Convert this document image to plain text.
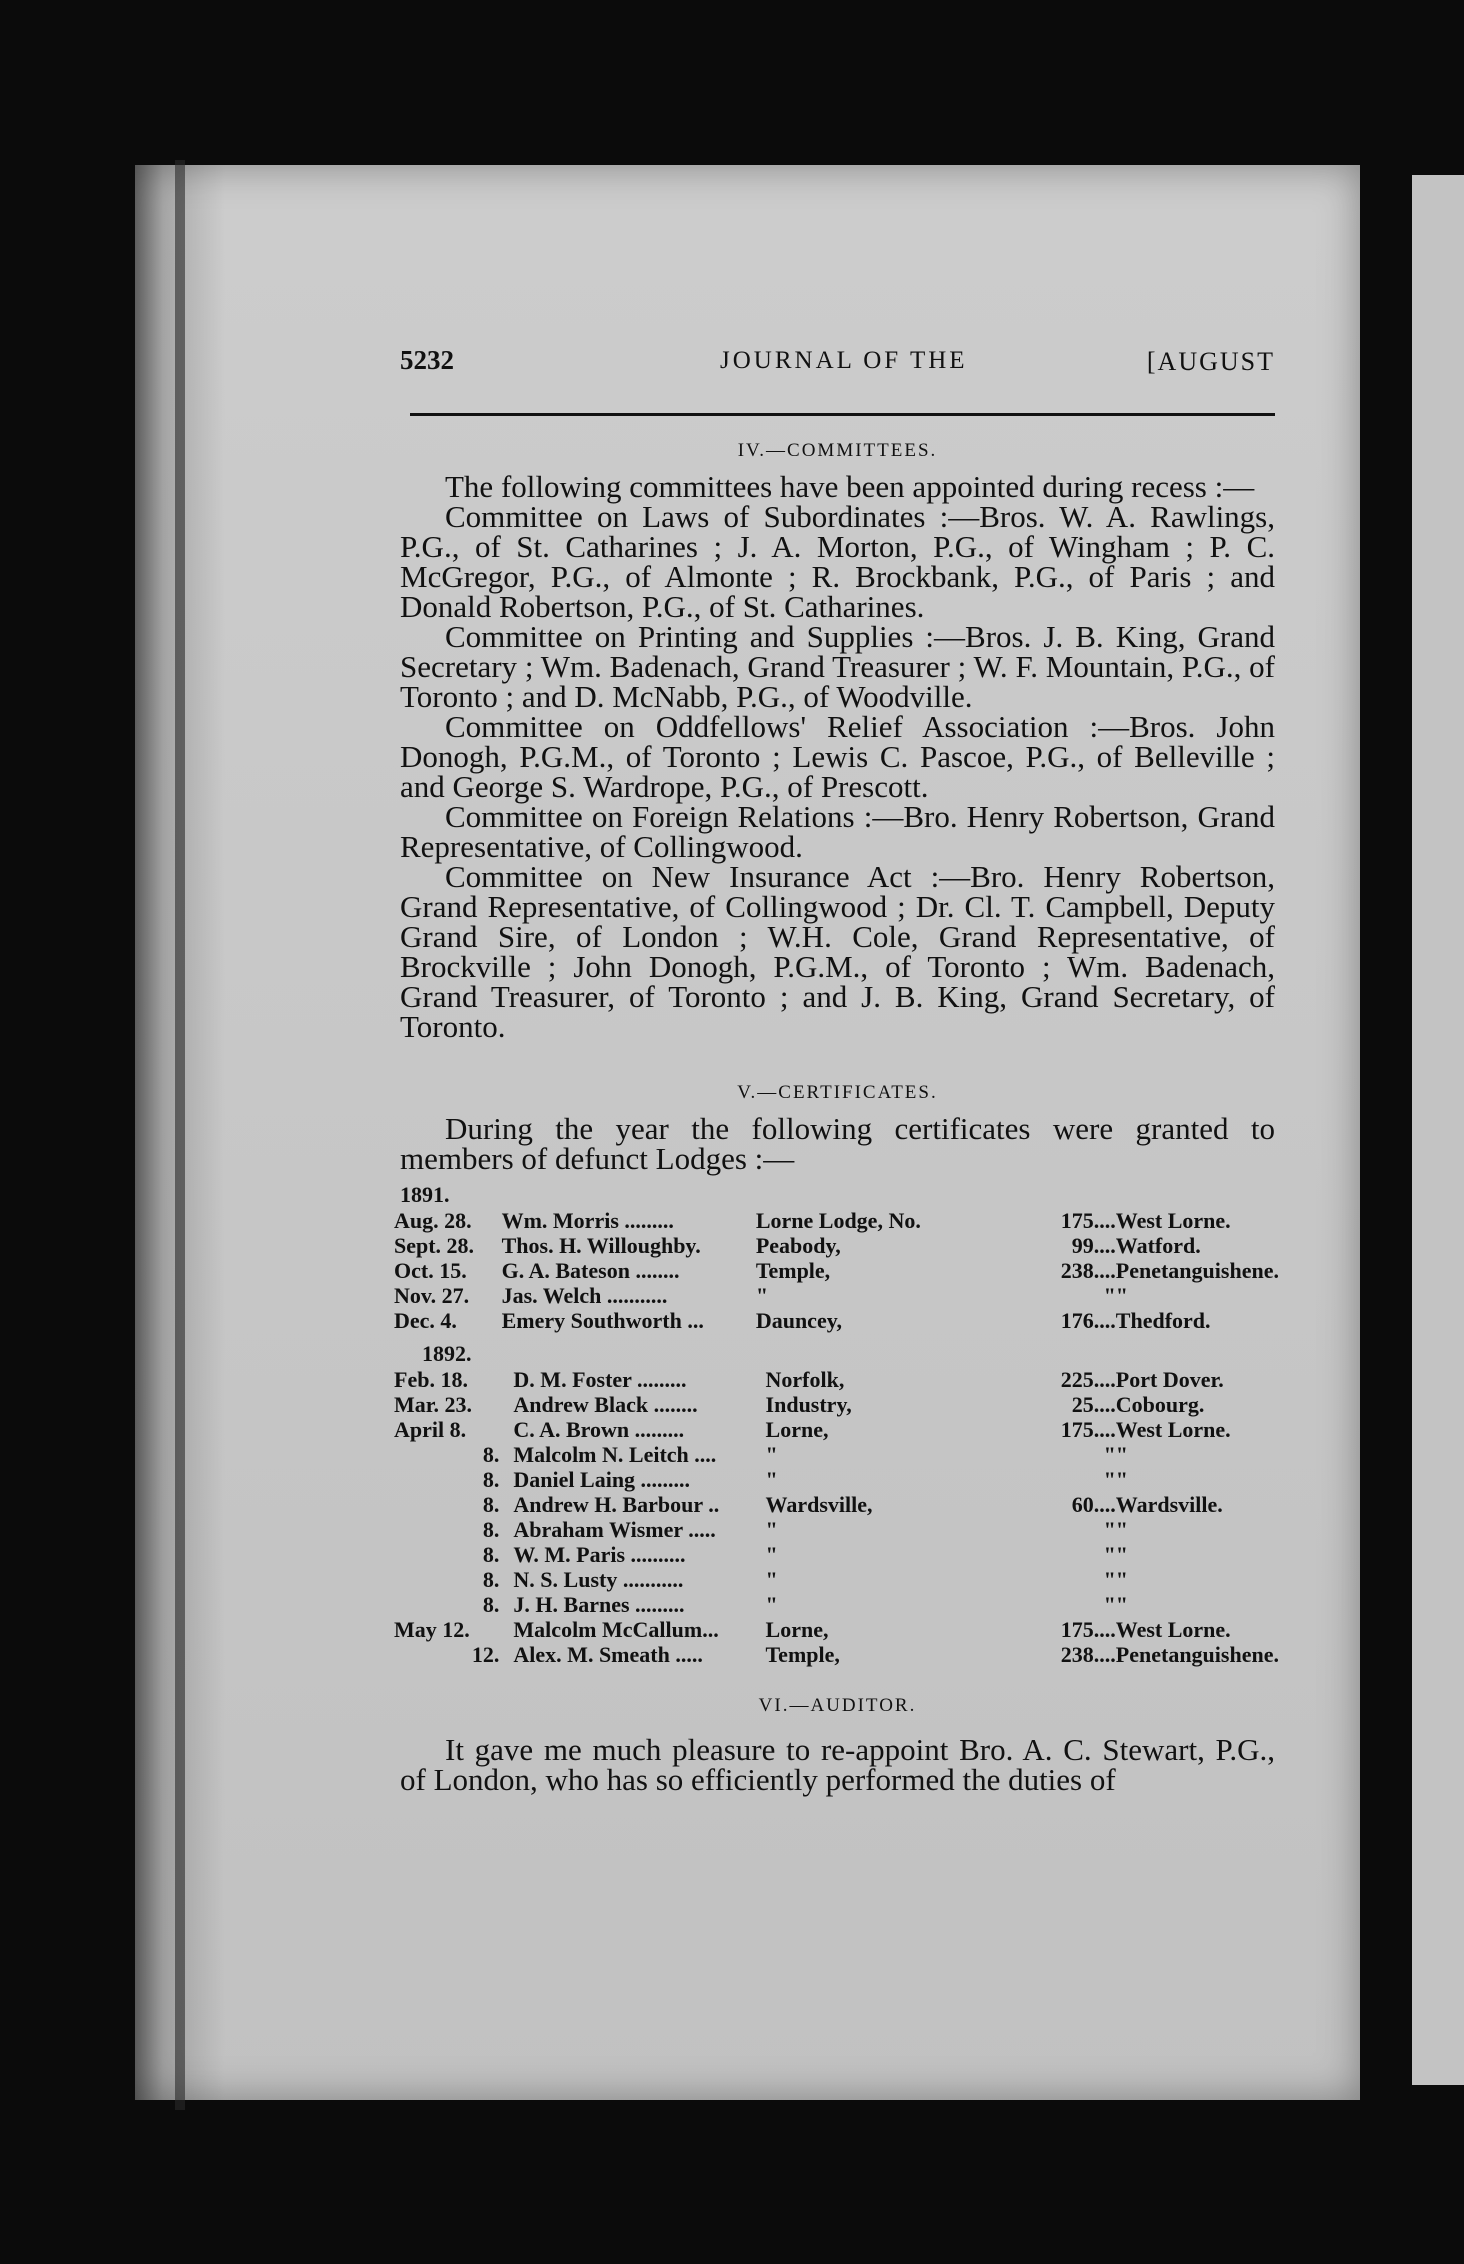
5232	JOURNAL OF THE	[AUGUST
IV.—COMMITTEES.

The following committees have been appointed during recess :—

Committee on Laws of Subordinates :—Bros. W. A. Rawlings, P.G., of St. Catharines ; J. A. Morton, P.G., of Wingham ; P. C. McGregor, P.G., of Almonte ; R. Brockbank, P.G., of Paris ; and Donald Robertson, P.G., of St. Catharines.

Committee on Printing and Supplies :—Bros. J. B. King, Grand Secretary ; Wm. Badenach, Grand Treasurer ; W. F. Mountain, P.G., of Toronto ; and D. McNabb, P.G., of Woodville.

Committee on Oddfellows' Relief Association :—Bros. John Donogh, P.G.M., of Toronto ; Lewis C. Pascoe, P.G., of Belleville ; and George S. Wardrope, P.G., of Prescott.

Committee on Foreign Relations :—Bro. Henry Robertson, Grand Representative, of Collingwood.

Committee on New Insurance Act :—Bro. Henry Robertson, Grand Representative, of Collingwood ; Dr. Cl. T. Campbell, Deputy Grand Sire, of London ; W.H. Cole, Grand Representative, of Brockville ; John Donogh, P.G.M., of Toronto ; Wm. Badenach, Grand Treasurer, of Toronto ; and J. B. King, Grand Secretary, of Toronto.

V.—CERTIFICATES.

During the year the following certificates were granted to members of defunct Lodges :—

1891.
Aug. 28.	Wm. Morris .........	Lorne Lodge, No.	175....	West Lorne.
Sept. 28.	Thos. H. Willoughby.	Peabody,	99....	Watford.
Oct. 15.	G. A. Bateson ........	Temple,	238....	Penetanguishene.
Nov. 27.	Jas. Welch ...........	"	"	"
Dec. 4.	Emery Southworth ...	Dauncey,	176....	Thedford.
1892.
Feb. 18.	D. M. Foster .........	Norfolk,	225....	Port Dover.
Mar. 23.	Andrew Black ........	Industry,	25....	Cobourg.
April 8.	C. A. Brown .........	Lorne,	175....	West Lorne.
8.	Malcolm N. Leitch ....	"	"	"
8.	Daniel Laing .........	"	"	"
8.	Andrew H. Barbour ..	Wardsville,	60....	Wardsville.
8.	Abraham Wismer .....	"	"	"
8.	W. M. Paris ..........	"	"	"
8.	N. S. Lusty ...........	"	"	"
8.	J. H. Barnes .........	"	"	"
May 12.	Malcolm McCallum...	Lorne,	175....	West Lorne.
12.	Alex. M. Smeath .....	Temple,	238....	Penetanguishene.
VI.—AUDITOR.

It gave me much pleasure to re-appoint Bro. A. C. Stewart, P.G., of London, who has so efficiently performed the duties of
